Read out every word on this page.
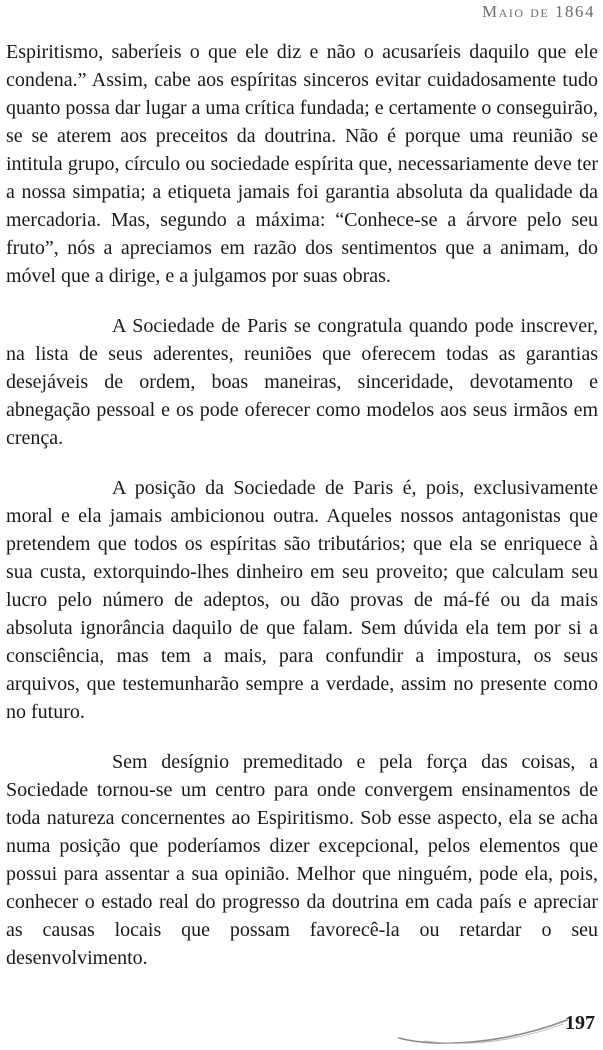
Maio de 1864

Espiritismo, saberíeis o que ele diz e não o acusaríeis daquilo que ele condena.” Assim, cabe aos espíritas sinceros evitar cuidadosamente tudo quanto possa dar lugar a uma crítica fundada; e certamente o conseguirão, se se aterem aos preceitos da doutrina. Não é porque uma reunião se intitula grupo, círculo ou sociedade espírita que, necessariamente deve ter a nossa simpatia; a etiqueta jamais foi garantia absoluta da qualidade da mercadoria. Mas, segundo a máxima: “Conhece-se a árvore pelo seu fruto”, nós a apreciamos em razão dos sentimentos que a animam, do móvel que a dirige, e a julgamos por suas obras.

A Sociedade de Paris se congratula quando pode inscrever, na lista de seus aderentes, reuniões que oferecem todas as garantias desejáveis de ordem, boas maneiras, sinceridade, devotamento e abnegação pessoal e os pode oferecer como modelos aos seus irmãos em crença.

A posição da Sociedade de Paris é, pois, exclusivamente moral e ela jamais ambicionou outra. Aqueles nossos antagonistas que pretendem que todos os espíritas são tributários; que ela se enriquece à sua custa, extorquindo-lhes dinheiro em seu proveito; que calculam seu lucro pelo número de adeptos, ou dão provas de má-fé ou da mais absoluta ignorância daquilo de que falam. Sem dúvida ela tem por si a consciência, mas tem a mais, para confundir a impostura, os seus arquivos, que testemunharão sempre a verdade, assim no presente como no futuro.

Sem desígnio premeditado e pela força das coisas, a Sociedade tornou-se um centro para onde convergem ensinamentos de toda natureza concernentes ao Espiritismo. Sob esse aspecto, ela se acha numa posição que poderíamos dizer excepcional, pelos elementos que possui para assentar a sua opinião. Melhor que ninguém, pode ela, pois, conhecer o estado real do progresso da doutrina em cada país e apreciar as causas locais que possam favorecê-la ou retardar o seu desenvolvimento.

197
